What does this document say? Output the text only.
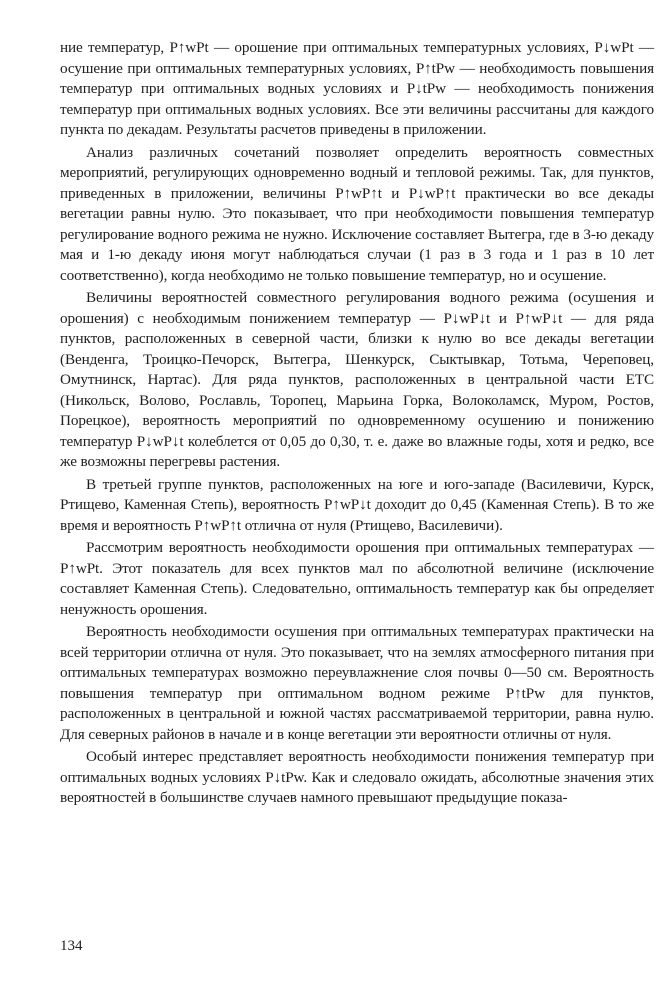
ние температур, P↑wPt — орошение при оптимальных температурных условиях, P↓wPt — осушение при оптимальных температурных условиях, P↑tPw — необходимость повышения температур при оптимальных водных условиях и P↓tPw — необходимость понижения температур при оптимальных водных условиях. Все эти величины рассчитаны для каждого пункта по декадам. Результаты расчетов приведены в приложении.

Анализ различных сочетаний позволяет определить вероятность совместных мероприятий, регулирующих одновременно водный и тепловой режимы. Так, для пунктов, приведенных в приложении, величины P↑wP↑t и P↓wP↑t практически во все декады вегетации равны нулю. Это показывает, что при необходимости повышения температур регулирование водного режима не нужно. Исключение составляет Вытегра, где в 3-ю декаду мая и 1-ю декаду июня могут наблюдаться случаи (1 раз в 3 года и 1 раз в 10 лет соответственно), когда необходимо не только повышение температур, но и осушение.

Величины вероятностей совместного регулирования водного режима (осушения и орошения) с необходимым понижением температур — P↓wP↓t и P↑wP↓t — для ряда пунктов, расположенных в северной части, близки к нулю во все декады вегетации (Венденга, Троицко-Печорск, Вытегра, Шенкурск, Сыктывкар, Тотьма, Череповец, Омутнинск, Нартас). Для ряда пунктов, расположенных в центральной части ЕТС (Никольск, Волово, Рославль, Торопец, Марьина Горка, Волоколамск, Муром, Ростов, Порецкое), вероятность мероприятий по одновременному осушению и понижению температур P↓wP↓t колеблется от 0,05 до 0,30, т. е. даже во влажные годы, хотя и редко, все же возможны перегревы растения.

В третьей группе пунктов, расположенных на юге и юго-западе (Василевичи, Курск, Ртищево, Каменная Степь), вероятность P↑wP↓t доходит до 0,45 (Каменная Степь). В то же время и вероятность P↑wP↑t отлична от нуля (Ртищево, Василевичи).

Рассмотрим вероятность необходимости орошения при оптимальных температурах — P↑wPt. Этот показатель для всех пунктов мал по абсолютной величине (исключение составляет Каменная Степь). Следовательно, оптимальность температур как бы определяет ненужность орошения.

Вероятность необходимости осушения при оптимальных температурах практически на всей территории отлична от нуля. Это показывает, что на землях атмосферного питания при оптимальных температурах возможно переувлажнение слоя почвы 0—50 см. Вероятность повышения температур при оптимальном водном режиме P↑tPw для пунктов, расположенных в центральной и южной частях рассматриваемой территории, равна нулю. Для северных районов в начале и в конце вегетации эти вероятности отличны от нуля.

Особый интерес представляет вероятность необходимости понижения температур при оптимальных водных условиях P↓tPw. Как и следовало ожидать, абсолютные значения этих вероятностей в большинстве случаев намного превышают предыдущие показа-

134
